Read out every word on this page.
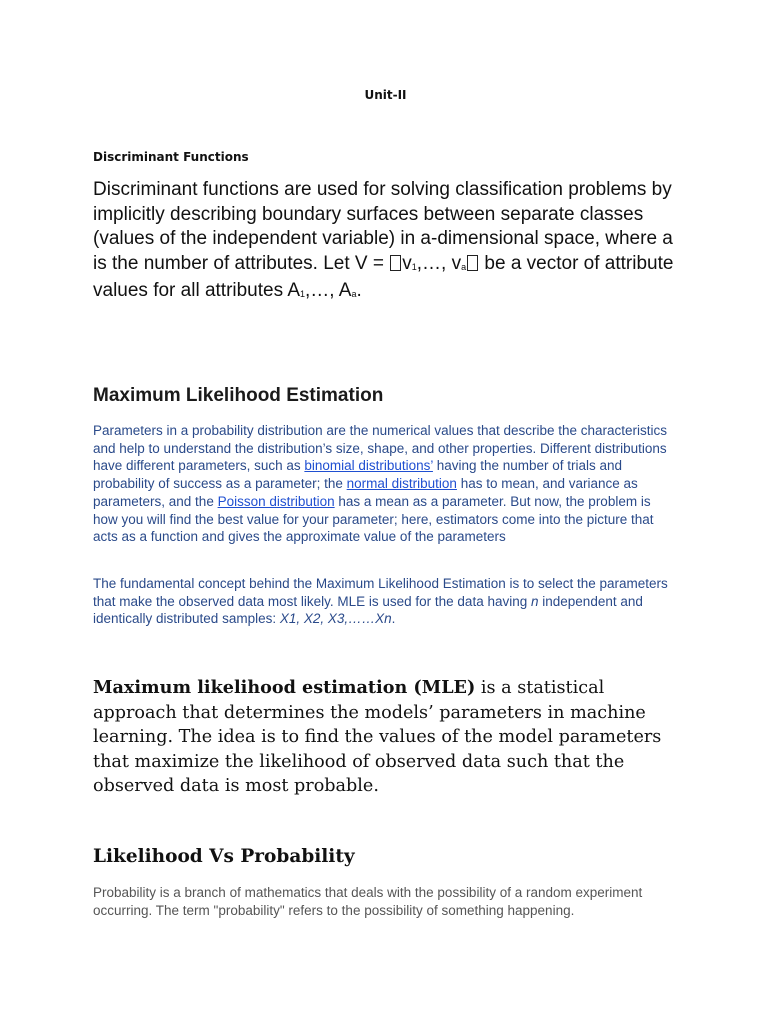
Unit-II
Discriminant Functions

Discriminant functions are used for solving classification problems by implicitly describing boundary surfaces between separate classes (values of the independent variable) in a-dimensional space, where a is the number of attributes. Let $V = v_1,\dots$, $v_a$ be a vector of attribute values for all attributes $A_1,\dots$, $A_a$.

Maximum Likelihood Estimation

Parameters in a probability distribution are the numerical values that describe the characteristics and help to understand the distribution’s size, shape, and other properties. Different distributions have different parameters, such as binomial distributions’ having the number of trials and probability of success as a parameter; the normal distribution has to mean, and variance as parameters, and the Poisson distribution has a mean as a parameter. But now, the problem is how you will find the best value for your parameter; here, estimators come into the picture that acts as a function and gives the approximate value of the parameters

The fundamental concept behind the Maximum Likelihood Estimation is to select the parameters that make the observed data most likely. MLE is used for the data having n independent and identically distributed samples: X1, X2, X3,……Xn.

Maximum likelihood estimation (MLE) is a statistical approach that determines the models’ parameters in machine learning. The idea is to find the values of the model parameters that maximize the likelihood of observed data such that the observed data is most probable.

Likelihood Vs Probability

Probability is a branch of mathematics that deals with the possibility of a random experiment occurring. The term "probability" refers to the possibility of something happening.
